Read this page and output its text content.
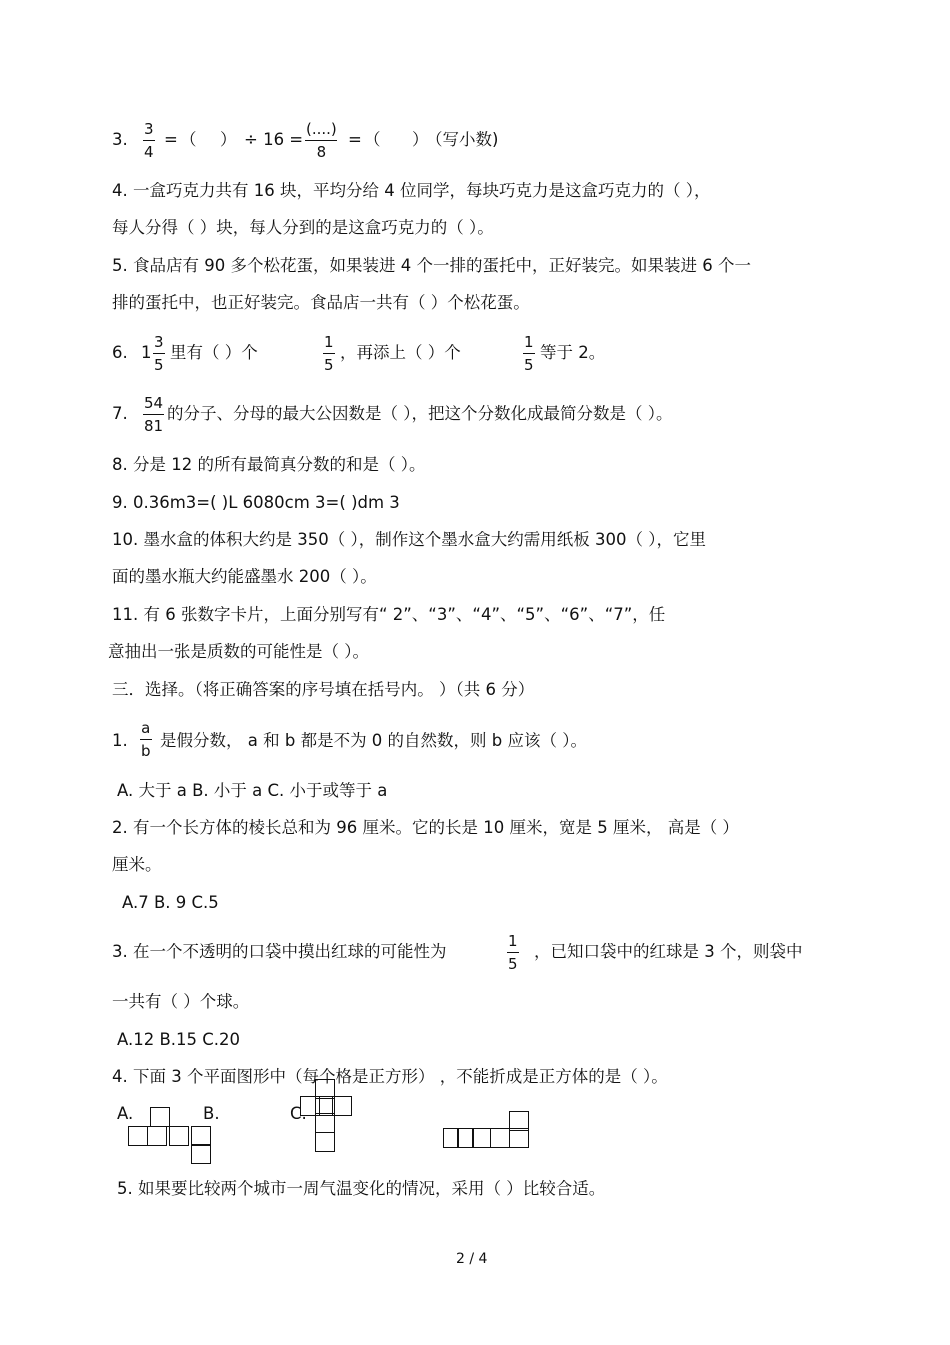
3. $\frac{3}{4}$ = （ ） ÷ 16 =
(....)
8
= （ ）
（写小数)
4. 一盒巧克力共有 16 块，平均分给 4 位同学，每块巧克力是这盒巧克力的（ ），
每人分得（ ）块，每人分到的是这盒巧克力的（ ）。
5. 食品店有 90 多个松花蛋，如果装进 4 个一排的蛋托中，正好装完。如果装进 6 个一
排的蛋托中，也正好装完。食品店一共有（ ）个松花蛋。
6. $1 \frac{3}{5}$ 里有（ ）个	$\frac{1}{5}$ ，再添上（ ）个	$\frac{1}{5}$ 等于 2。
7. $\frac{54}{81}$ 的分子、分母的最大公因数是（ ），把这个分数化成最简分数是（ ）。
8. 分是 12 的所有最简真分数的和是（ ）。
9. 0.36m3=( )L 6080cm 3=( )dm 3
10. 墨水盒的体积大约是 350（ ），制作这个墨水盒大约需用纸板 300（ ），它里
面的墨水瓶大约能盛墨水 200（ ）。
11. 有 6 张数字卡片，上面分别写有“ 2”、“3”、“4”、“5”、“6”、“7”，任
意抽出一张是质数的可能性是（ ）。
三．选择。（将正确答案的序号填在括号内。 ）（共 6 分）
1. $\frac{a}{b}$ 是假分数， a 和 b 都是不为 0 的自然数，则 b 应该（ ）。
A. 大于 a B. 小于 a C. 小于或等于 a
2. 有一个长方体的棱长总和为 96 厘米。它的长是 10 厘米，宽是 5 厘米， 高是（ ）
厘米。
A.7 B. 9 C.5
3. 在一个不透明的口袋中摸出红球的可能性为	$\frac{1}{5}$ ，已知口袋中的红球是 3 个，则袋中
一共有（ ）个球。
A.12 B.15 C.20
4. 下面 3 个平面图形中（每个格是正方形） ，不能折成是正方体的是（ ）。
A.	B.	C.
5. 如果要比较两个城市一周气温变化的情况，采用（ ）比较合适。
2 / 4
